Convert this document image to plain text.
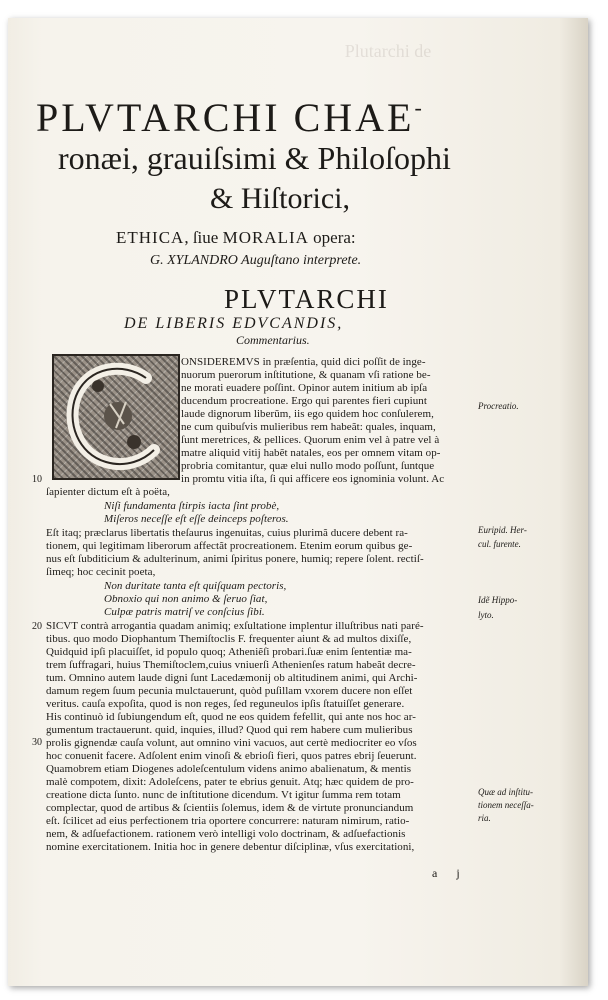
Plutarchi de
PLVTARCHI CHAE-
ronæi, grauiſsimi & Philoſophi
& Hiſtorici,
ETHICA, ſiue MORALIA opera:
G. XYLANDRO Auguſtano interprete.
PLVTARCHI
DE LIBERIS EDVCANDIS,
Commentarius.
ONSIDEREMVS in præſentia, quid dici poſſit de inge-
nuorum puerorum inſtitutione, & quanam vſi ratione be-
ne morati euadere poſſint. Opinor autem initium ab ipſa
ducendum procreatione. Ergo qui parentes fieri cupiunt
laude dignorum liberũm, iis ego quidem hoc conſulerem,
ne cum quibuſvis mulieribus rem habeãt: quales, inquam,
ſunt meretrices, & pellices. Quorum enim vel à patre vel à
matre aliquid vitij habẽt natales, eos per omnem vitam op-
probria comitantur, quæ elui nullo modo poſſunt, ſuntque
in promtu vitia iſta, ſi qui afficere eos ignominia volunt. Ac
ſapienter dictum eſt à poëta,
Niſi fundamenta ſtirpis iacta ſint probè,
Miſeros neceſſe eſt eſſe deinceps poſteros.
Eſt itaq; præclarus libertatis theſaurus ingenuitas, cuius plurimã ducere debent ra-
tionem, qui legitimam liberorum affectãt procreationem. Etenim eorum quibus ge-
nus eſt ſubditicium & adulterinum, animi ſpiritus ponere, humiq; repere ſolent. rectiſ-
ſimeq; hoc cecinit poeta,
Non duritate tanta eſt quiſquam pectoris,
Obnoxio qui non animo & ſeruo ſiat,
Culpæ patris matriſ ve conſcius ſibi.
SICVT contrà arrogantia quadam animiq; exſultatione implentur illuſtribus nati paré-
tibus. quo modo Diophantum Themiſtoclis F. frequenter aiunt & ad multos dixiſſe,
Quidquid ipſi placuiſſet, id populo quoq; Atheniẽſi probari.ſuæ enim ſententiæ ma-
trem ſuffragari, huius Themiſtoclem,cuius vniuerſi Athenienſes ratum habeãt decre-
tum. Omnino autem laude digni ſunt Lacedæmonij ob altitudinem animi, qui Archi-
damum regem ſuum pecunia mulctauerunt, quòd puſillam vxorem ducere non eſſet
veritus. cauſa expoſita, quod is non reges, ſed reguneulos ipſis ſtatuiſſet generare.
His continuò id ſubiungendum eſt, quod ne eos quidem fefellit, qui ante nos hoc ar-
gumentum tractauerunt. quid, inquies, illud? Quod qui rem habere cum mulieribus
prolis gignendæ cauſa volunt, aut omnino vini vacuos, aut certè mediocriter eo vſos
hoc conuenit facere. Adſolent enim vinoſi & ebrioſi fieri, quos patres ebrij ſeuerunt.
Quamobrem etiam Diogenes adoleſcentulum videns animo abalienatum, & mentis
malè compotem, dixit: Adoleſcens, pater te ebrius genuit. Atq; hæc quidem de pro-
creatione dicta ſunto. nunc de inſtitutione dicendum. Vt igitur ſumma rem totam
complectar, quod de artibus & ſcientiis ſolemus, idem & de virtute pronunciandum
eſt. ſcilicet ad eius perfectionem tria oportere concurrere: naturam nimirum, ratio-
nem, & adſuefactionem. rationem verò intelligi volo doctrinam, & adſuefactionis
nomine exercitationem. Initia hoc in genere debentur diſciplinæ, vſus exercitationi,
Procreatio.
Euripid. Her-
cul. furente.
Idẽ Hippo-
lyto.
Quæ ad inſtitu-
tionem neceſſa-
ria.
10
20
30
a j
